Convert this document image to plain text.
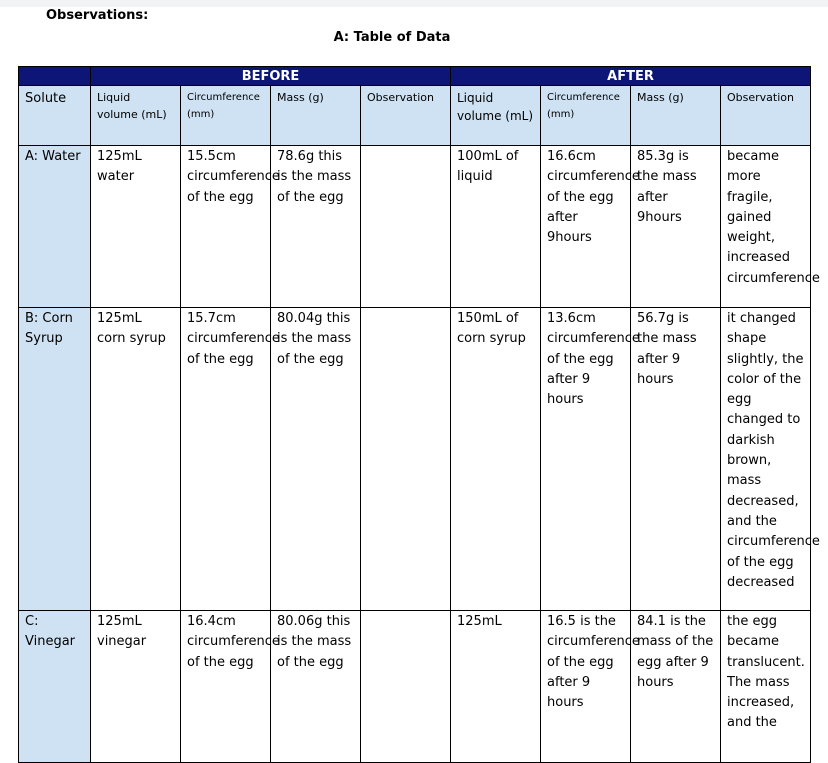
Observations:
A: Table of Data
	BEFORE				AFTER			
Solute	Liquid volume (mL)	Circumference (mm)	Mass (g)	Observation	Liquid volume (mL)	Circumference (mm)	Mass (g)	Observation
A: Water	125mL water	15.5cm circumference of the egg	78.6g this is the mass of the egg		100mL of liquid	16.6cm circumference of the egg after 9hours	85.3g is the mass after 9hours	became more fragile, gained weight, increased circumference
B: Corn Syrup	125mL corn syrup	15.7cm circumference of the egg	80.04g this is the mass of the egg		150mL of corn syrup	13.6cm circumference of the egg after 9 hours	56.7g is the mass after 9 hours	it changed shape slightly, the color of the egg changed to darkish brown, mass decreased, and the circumference of the egg decreased
C: Vinegar	125mL vinegar	16.4cm circumference of the egg	80.06g this is the mass of the egg		125mL	16.5 is the circumference of the egg after 9 hours	84.1 is the mass of the egg after 9 hours	the egg became translucent. The mass increased, and the
